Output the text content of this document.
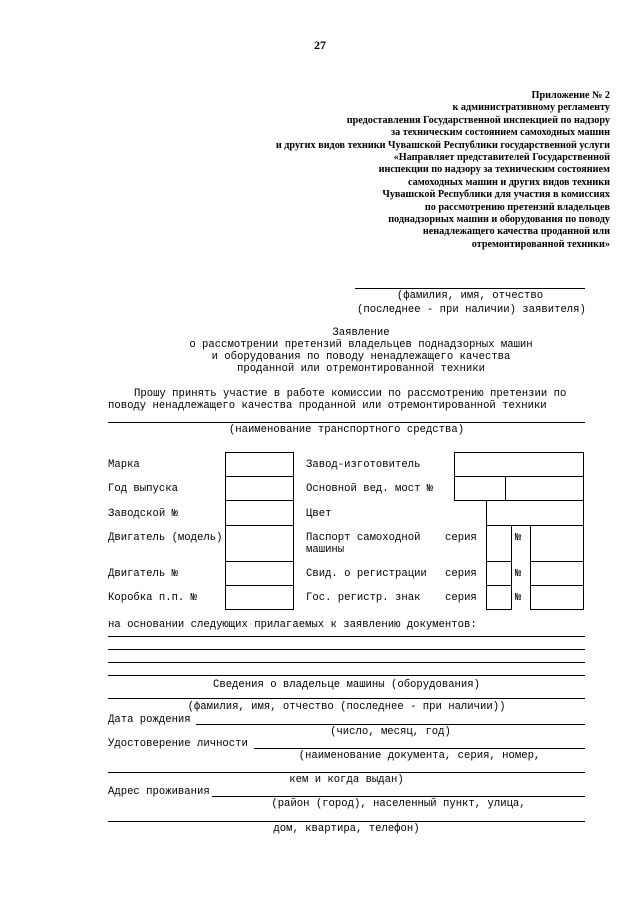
27
Приложение № 2
к административному регламенту
предоставления Государственной инспекцией по надзору
за техническим состоянием самоходных машин
и других видов техники Чувашской Республики государственной услуги
«Направляет представителей Государственной
инспекции по надзору за техническим состоянием
самоходных машин и других видов техники
Чувашской Республики для участия в комиссиях
по рассмотрению претензий владельцев
поднадзорных машин и оборудования по поводу
ненадлежащего качества проданной или
отремонтированной техники»
(фамилия, имя, отчество
(последнее - при наличии) заявителя)
Заявление
о рассмотрении претензий владельцев поднадзорных машин
и оборудования по поводу ненадлежащего качества
проданной или отремонтированной техники
Прошу принять участие в работе комиссии по рассмотрению претензии по
поводу ненадлежащего качества проданной или отремонтированной техники
(наименование транспортного средства)
Марка
Год выпуска
Заводской №
Двигатель (модель)
Двигатель №
Коробка п.п. №
Завод-изготовитель
Основной вед. мост №
Цвет
Паспорт самоходной
машины
Свид. о регистрации
Гос. регистр. знак
серия
серия
серия
№
№
№
на основании следующих прилагаемых к заявлению документов:
Сведения о владельце машины (оборудования)
(фамилия, имя, отчество (последнее - при наличии))
Дата рождения
(число, месяц, год)
Удостоверение личности
(наименование документа, серия, номер,
кем и когда выдан)
Адрес проживания
(район (город), населенный пункт, улица,
дом, квартира, телефон)
